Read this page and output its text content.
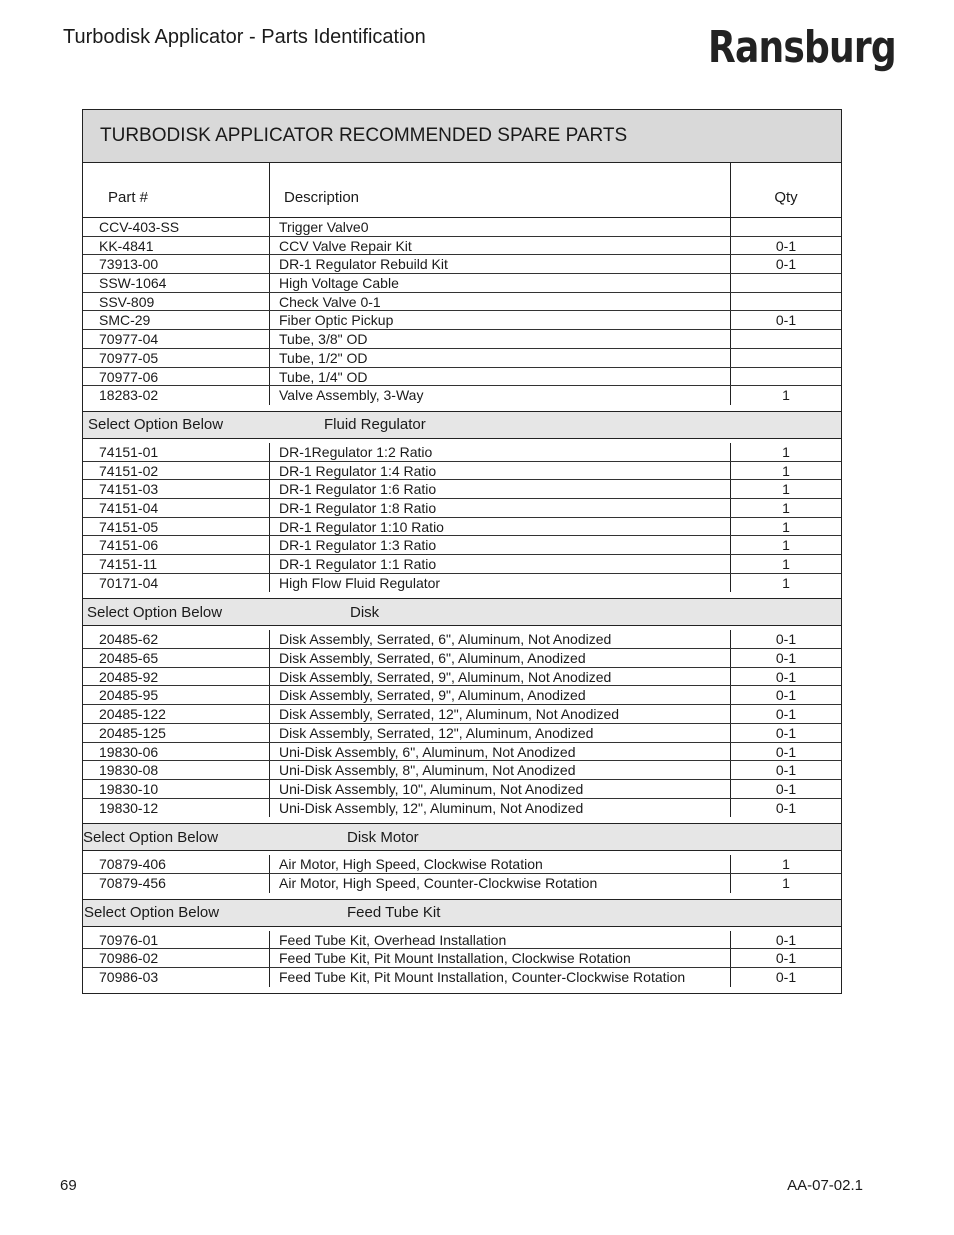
Turbodisk Applicator - Parts Identification	Ransburg
TURBODISK APPLICATOR RECOMMENDED SPARE PARTS
Part #	Description	Qty
CCV-403-SS	Trigger Valve0
KK-4841	CCV Valve Repair Kit	0-1
73913-00	DR-1 Regulator Rebuild Kit	0-1
SSW-1064	High Voltage Cable
SSV-809	Check Valve 0-1
SMC-29	Fiber Optic Pickup	0-1
70977-04	Tube, 3/8" OD
70977-05	Tube, 1/2" OD
70977-06	Tube, 1/4" OD
18283-02	Valve Assembly, 3-Way	1
Select Option Below	Fluid Regulator
74151-01	DR-1Regulator 1:2 Ratio	1
74151-02	DR-1 Regulator 1:4 Ratio	1
74151-03	DR-1 Regulator 1:6 Ratio	1
74151-04	DR-1 Regulator 1:8 Ratio	1
74151-05	DR-1 Regulator 1:10 Ratio	1
74151-06	DR-1 Regulator 1:3 Ratio	1
74151-11	DR-1 Regulator 1:1 Ratio	1
70171-04	High Flow Fluid Regulator	1
Select Option Below	Disk
20485-62	Disk Assembly, Serrated, 6", Aluminum, Not Anodized	0-1
20485-65	Disk Assembly, Serrated, 6", Aluminum, Anodized	0-1
20485-92	Disk Assembly, Serrated, 9", Aluminum, Not Anodized	0-1
20485-95	Disk Assembly, Serrated, 9", Aluminum, Anodized	0-1
20485-122	Disk Assembly, Serrated, 12", Aluminum, Not Anodized	0-1
20485-125	Disk Assembly, Serrated, 12", Aluminum, Anodized	0-1
19830-06	Uni-Disk Assembly, 6", Aluminum, Not Anodized	0-1
19830-08	Uni-Disk Assembly, 8", Aluminum, Not Anodized	0-1
19830-10	Uni-Disk Assembly, 10", Aluminum, Not Anodized	0-1
19830-12	Uni-Disk Assembly, 12", Aluminum, Not Anodized	0-1
Select Option Below	Disk Motor
70879-406	Air Motor, High Speed, Clockwise Rotation	1
70879-456	Air Motor, High Speed, Counter-Clockwise Rotation	1
Select Option Below	Feed Tube Kit
70976-01	Feed Tube Kit, Overhead Installation	0-1
70986-02	Feed Tube Kit, Pit Mount Installation, Clockwise Rotation	0-1
70986-03	Feed Tube Kit, Pit Mount Installation, Counter-Clockwise Rotation	0-1
69	AA-07-02.1
